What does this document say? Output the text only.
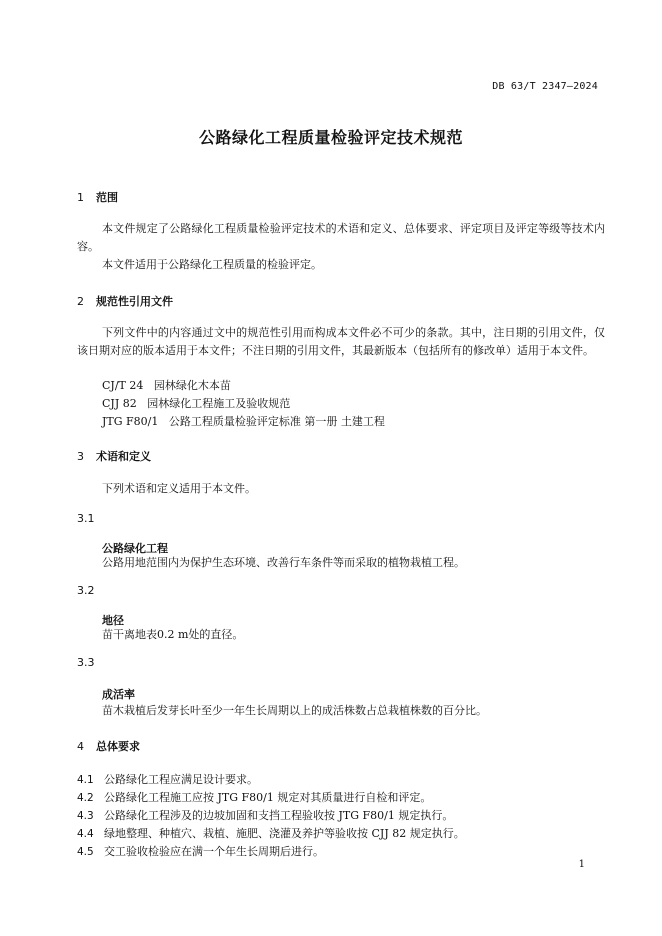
DB 63/T 2347—2024
公路绿化工程质量检验评定技术规范
1 范围
本文件规定了公路绿化工程质量检验评定技术的术语和定义、总体要求、评定项目及评定等级等技术内容。
本文件适用于公路绿化工程质量的检验评定。
2 规范性引用文件
下列文件中的内容通过文中的规范性引用而构成本文件必不可少的条款。其中，注日期的引用文件，仅该日期对应的版本适用于本文件；不注日期的引用文件，其最新版本（包括所有的修改单）适用于本文件。
CJ/T 24   园林绿化木本苗
CJJ 82   园林绿化工程施工及验收规范
JTG F80/1   公路工程质量检验评定标准 第一册 土建工程
3 术语和定义
下列术语和定义适用于本文件。
3.1
公路绿化工程
公路用地范围内为保护生态环境、改善行车条件等而采取的植物栽植工程。
3.2
地径
苗干离地表0.2 m处的直径。
3.3
成活率
苗木栽植后发芽长叶至少一年生长周期以上的成活株数占总栽植株数的百分比。
4 总体要求
4.1 公路绿化工程应满足设计要求。
4.2 公路绿化工程施工应按 JTG F80/1 规定对其质量进行自检和评定。
4.3 公路绿化工程涉及的边坡加固和支挡工程验收按 JTG F80/1 规定执行。
4.4 绿地整理、种植穴、栽植、施肥、浇灌及养护等验收按 CJJ 82 规定执行。
4.5 交工验收检验应在满一个年生长周期后进行。
1
